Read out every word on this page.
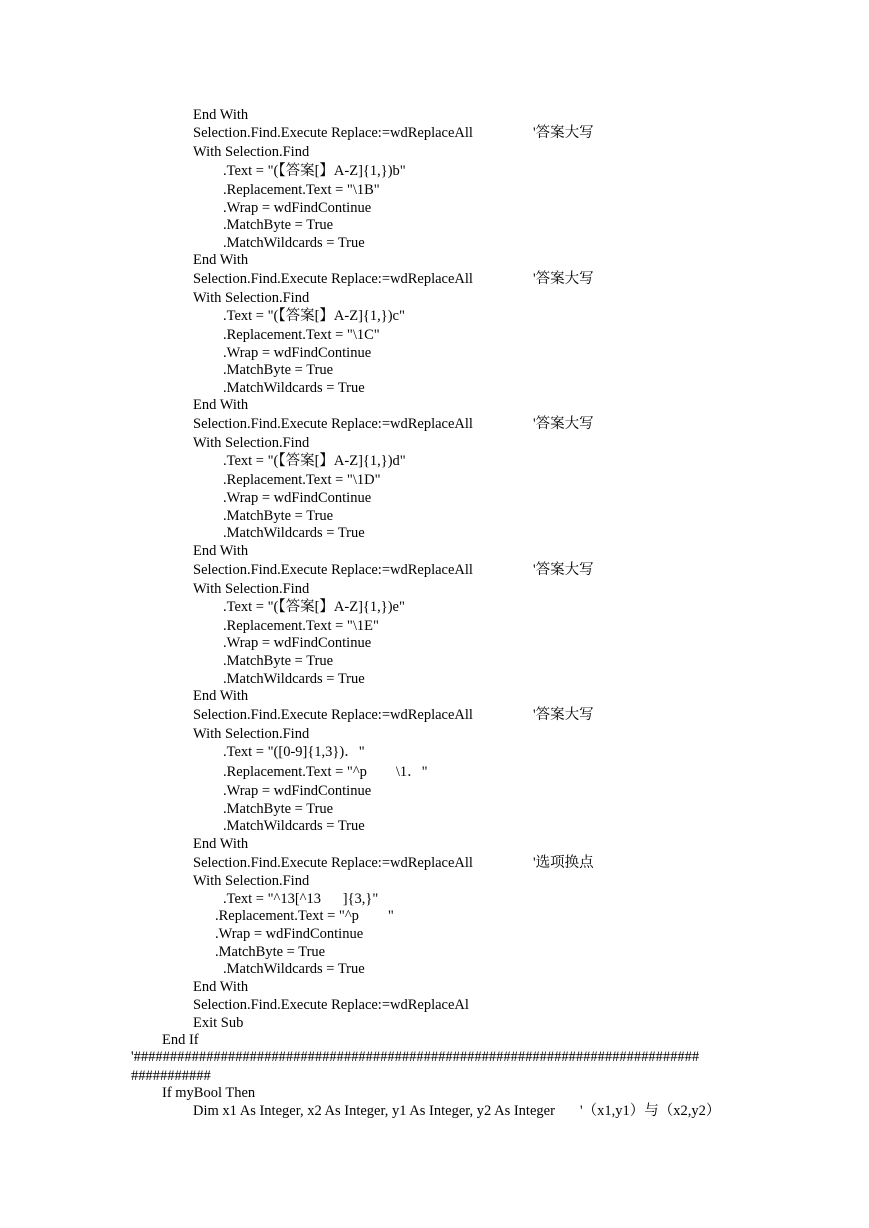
End With
Selection.Find.Execute Replace:=wdReplaceAll	'答案大写
With Selection.Find
.Text = "(【答案[】A-Z]{1,})b"
.Replacement.Text = "\1B"
.Wrap = wdFindContinue
.MatchByte = True
.MatchWildcards = True
End With
Selection.Find.Execute Replace:=wdReplaceAll	'答案大写
With Selection.Find
.Text = "(【答案[】A-Z]{1,})c"
.Replacement.Text = "\1C"
.Wrap = wdFindContinue
.MatchByte = True
.MatchWildcards = True
End With
Selection.Find.Execute Replace:=wdReplaceAll	'答案大写
With Selection.Find
.Text = "(【答案[】A-Z]{1,})d"
.Replacement.Text = "\1D"
.Wrap = wdFindContinue
.MatchByte = True
.MatchWildcards = True
End With
Selection.Find.Execute Replace:=wdReplaceAll	'答案大写
With Selection.Find
.Text = "(【答案[】A-Z]{1,})e"
.Replacement.Text = "\1E"
.Wrap = wdFindContinue
.MatchByte = True
.MatchWildcards = True
End With
Selection.Find.Execute Replace:=wdReplaceAll	'答案大写
With Selection.Find
.Text = "([0-9]{1,3})．"
.Replacement.Text = "^p        \1．"
.Wrap = wdFindContinue
.MatchByte = True
.MatchWildcards = True
End With
Selection.Find.Execute Replace:=wdReplaceAll	'选项换点
With Selection.Find
.Text = "^13[^13      ]{3,}"
.Replacement.Text = "^p        "
.Wrap = wdFindContinue
.MatchByte = True
.MatchWildcards = True
End With
Selection.Find.Execute Replace:=wdReplaceAl
Exit Sub
End If
'##############################################################################
###########
If myBool Then
Dim x1 As Integer, x2 As Integer, y1 As Integer, y2 As Integer '（x1,y1）与（x2,y2）
